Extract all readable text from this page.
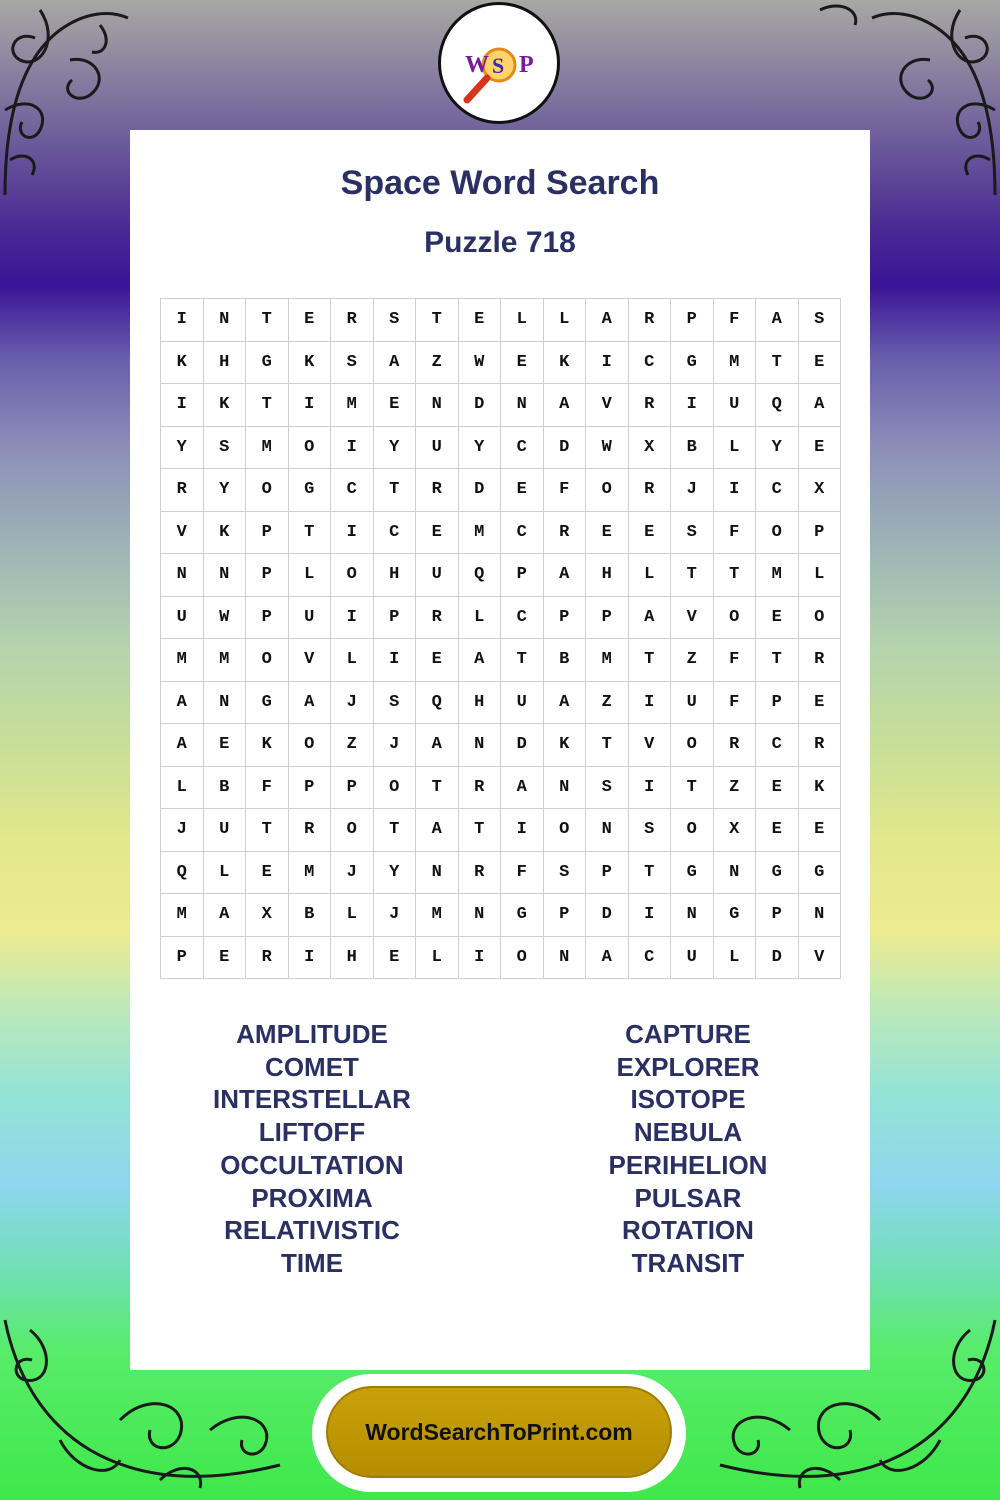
W S P
Space Word Search
Puzzle 718
I	N	T	E	R	S	T	E	L	L	A	R	P	F	A	S
K	H	G	K	S	A	Z	W	E	K	I	C	G	M	T	E
I	K	T	I	M	E	N	D	N	A	V	R	I	U	Q	A
Y	S	M	O	I	Y	U	Y	C	D	W	X	B	L	Y	E
R	Y	O	G	C	T	R	D	E	F	O	R	J	I	C	X
V	K	P	T	I	C	E	M	C	R	E	E	S	F	O	P
N	N	P	L	O	H	U	Q	P	A	H	L	T	T	M	L
U	W	P	U	I	P	R	L	C	P	P	A	V	O	E	O
M	M	O	V	L	I	E	A	T	B	M	T	Z	F	T	R
A	N	G	A	J	S	Q	H	U	A	Z	I	U	F	P	E
A	E	K	O	Z	J	A	N	D	K	T	V	O	R	C	R
L	B	F	P	P	O	T	R	A	N	S	I	T	Z	E	K
J	U	T	R	O	T	A	T	I	O	N	S	O	X	E	E
Q	L	E	M	J	Y	N	R	F	S	P	T	G	N	G	G
M	A	X	B	L	J	M	N	G	P	D	I	N	G	P	N
P	E	R	I	H	E	L	I	O	N	A	C	U	L	D	V
AMPLITUDE
COMET
INTERSTELLAR
LIFTOFF
OCCULTATION
PROXIMA
RELATIVISTIC
TIME
CAPTURE
EXPLORER
ISOTOPE
NEBULA
PERIHELION
PULSAR
ROTATION
TRANSIT
WordSearchToPrint.com
